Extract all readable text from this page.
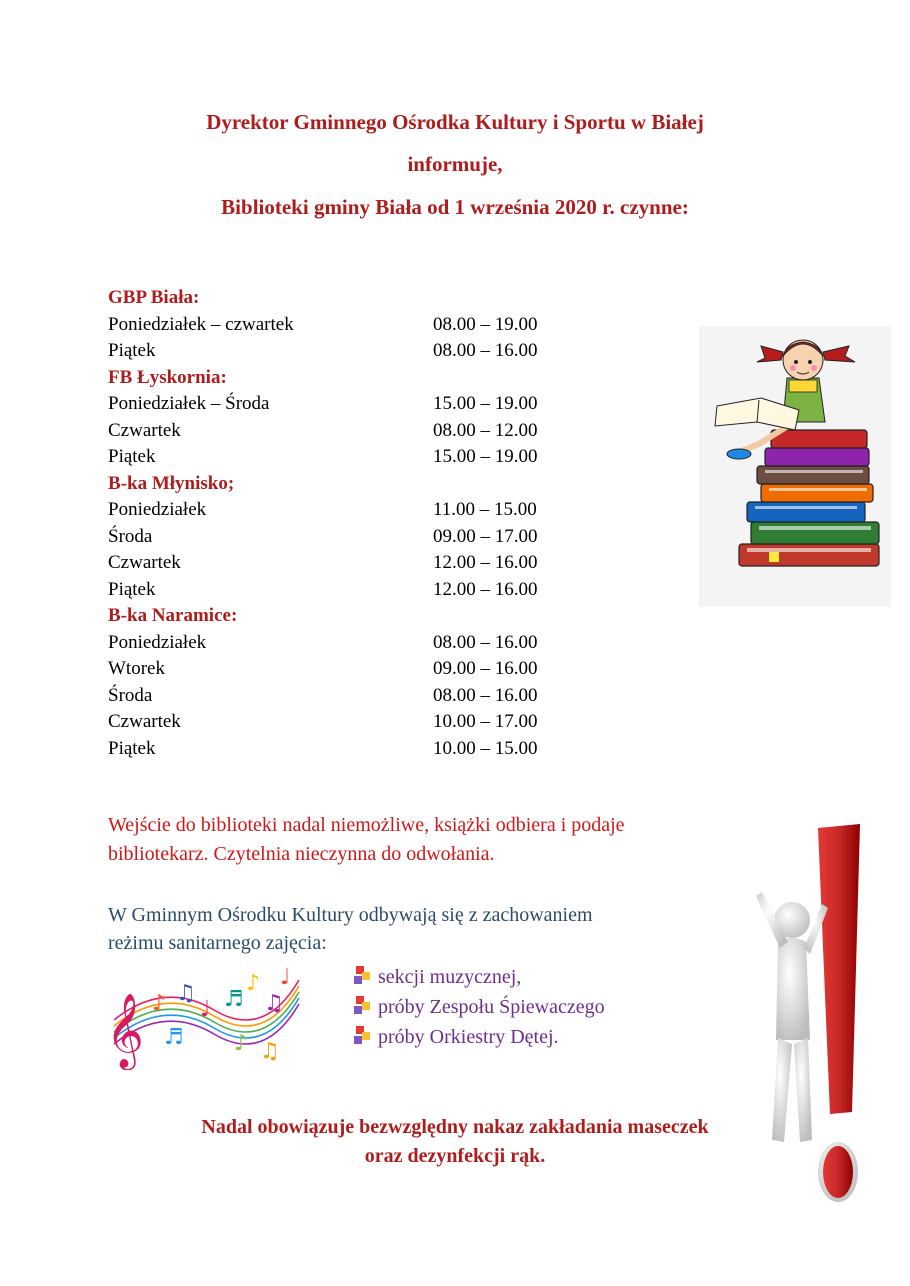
Dyrektor Gminnego Ośrodka Kultury i Sportu w Białej
informuje,
Biblioteki gminy Biała od 1 września 2020 r. czynne:
GBP Biała:
Poniedziałek – czwartek	08.00 – 19.00
Piątek	08.00 – 16.00
FB Łyskornia:
Poniedziałek – Środa	15.00 – 19.00
Czwartek	08.00 – 12.00
Piątek	15.00 – 19.00
B-ka Młynisko;
Poniedziałek	11.00 – 15.00
Środa	09.00 – 17.00
Czwartek	12.00 – 16.00
Piątek	12.00 – 16.00
B-ka Naramice:
Poniedziałek	08.00 – 16.00
Wtorek	09.00 – 16.00
Środa	08.00 – 16.00
Czwartek	10.00 – 17.00
Piątek	10.00 – 15.00
Wejście do biblioteki nadal niemożliwe, książki odbiera i podaje
bibliotekarz. Czytelnia nieczynna do odwołania.
W Gminnym Ośrodku Kultury odbywają się z zachowaniem
reżimu sanitarnego zajęcia:
𝄞 ♪ ♫
♩ ♬
♪
♫
♩
♪ ♫
♬
sekcji muzycznej,
próby Zespołu Śpiewaczego
próby Orkiestry Dętej.
Nadal obowiązuje bezwzględny nakaz zakładania maseczek
oraz dezynfekcji rąk.
